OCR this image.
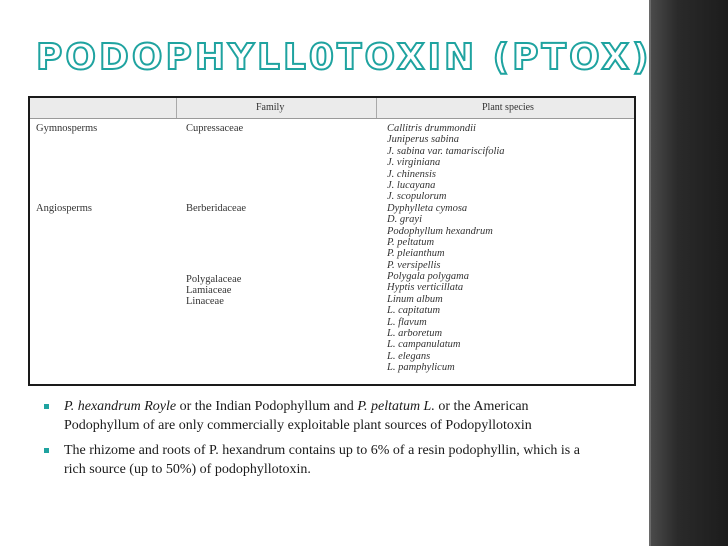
PODOPHYLL0TOXIN (PTOX)
Family	Plant species
Gymnosperms
Angiosperms
Cupressaceae
Berberidaceae
Polygalaceae
Lamiaceae
Linaceae
Callitris drummondii
Juniperus sabina
J. sabina var. tamariscifolia
J. virginiana
J. chinensis
J. lucayana
J. scopulorum
Dyphylleta cymosa
D. grayi
Podophyllum hexandrum
P. peltatum
P. pleianthum
P. versipellis
Polygala polygama
Hyptis verticillata
Linum album
L. capitatum
L. flavum
L. arboretum
L. campanulatum
L. elegans
L. pamphylicum
P. hexandrum Royle or the Indian Podophyllum and P. peltatum L. or the American Podophyllum of are only commercially exploitable plant sources of Podopyllotoxin
The rhizome and roots of P. hexandrum contains up to 6% of a resin podophyllin, which is a rich source (up to 50%) of podophyllotoxin.
